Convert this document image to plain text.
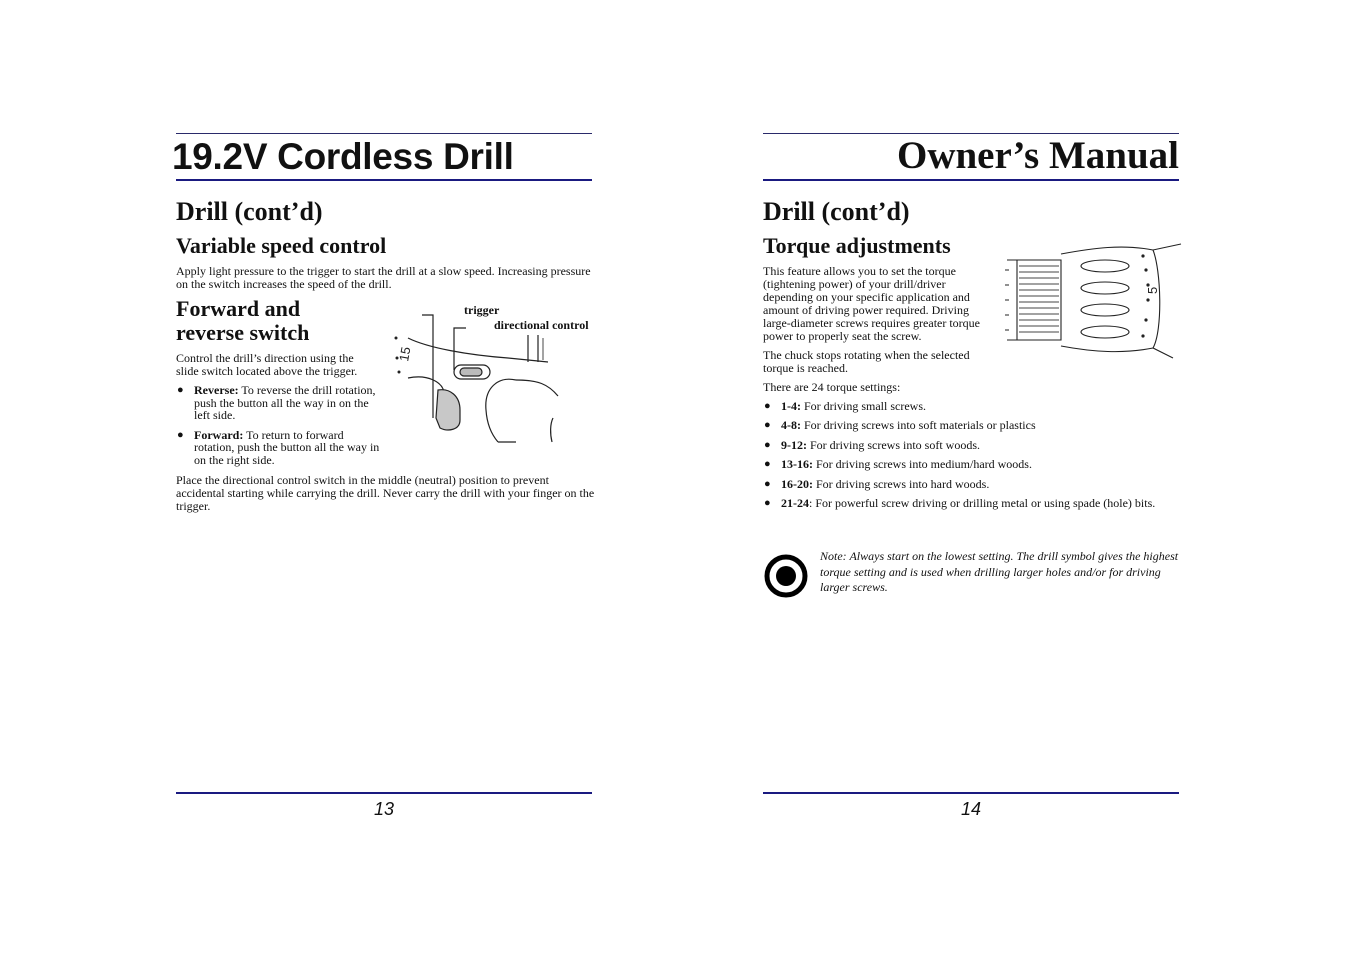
19.2V Cordless Drill
Drill (cont’d)
Variable speed control
Apply light pressure to the trigger to start the drill at a slow speed. Increasing pressure on the switch increases the speed of the drill.
Forward and
reverse switch
Control the drill’s direction using the slide switch located above the trigger.
● Reverse: To reverse the drill rotation, push the button all the way in on the left side.
● Forward: To return to forward rotation, push the button all the way in on the right side.
Place the directional control switch in the middle (neutral) position to prevent accidental starting while carrying the drill. Never carry the drill with your finger on the trigger.
15
trigger
directional control
13
Owner’s Manual
Drill (cont’d)
Torque adjustments
This feature allows you to set the torque (tightening power) of your drill/driver depending on your specific application and amount of driving power required. Driving large-diameter screws requires greater torque power to properly seat the screw.
The chuck stops rotating when the selected torque is reached.
There are 24 torque settings:
● 1-4: For driving small screws.
● 4-8: For driving screws into soft materials or plastics
● 9-12: For driving screws into soft woods.
● 13-16: For driving screws into medium/hard woods.
● 16-20: For driving screws into hard woods.
● 21-24: For powerful screw driving or drilling metal or using spade (hole) bits.
5
Note: Always start on the lowest setting. The drill symbol gives the highest torque setting and is used when drilling larger holes and/or for driving larger screws.
14
